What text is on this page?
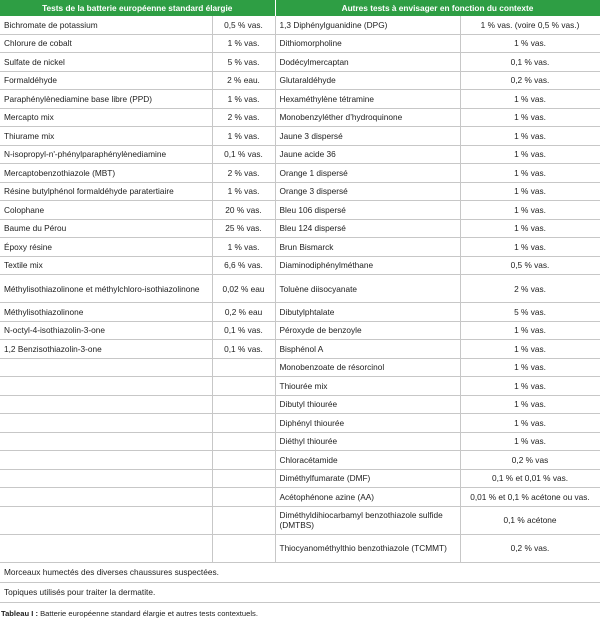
Tests de la batterie européenne standard élargie		Autres tests à envisager en fonction du contexte	
Bichromate de potassium	0,5 % vas.	1,3 Diphénylguanidine (DPG)	1 % vas. (voire 0,5 % vas.)
Chlorure de cobalt	1 % vas.	Dithiomorpholine	1 % vas.
Sulfate de nickel	5 % vas.	Dodécylmercaptan	0,1 % vas.
Formaldéhyde	2 % eau.	Glutaraldéhyde	0,2 % vas.
Paraphénylènediamine base libre (PPD)	1 % vas.	Hexaméthylène tétramine	1 % vas.
Mercapto mix	2 % vas.	Monobenzyléther d’hydroquinone	1 % vas.
Thiurame mix	1 % vas.	Jaune 3 dispersé	1 % vas.
N-isopropyl-n'-phénylparaphénylènediamine	0,1 % vas.	Jaune acide 36	1 % vas.
Mercaptobenzothiazole (MBT)	2 % vas.	Orange 1 dispersé	1 % vas.
Résine butylphénol formaldéhyde paratertiaire	1 % vas.	Orange 3 dispersé	1 % vas.
Colophane	20 % vas.	Bleu 106 dispersé	1 % vas.
Baume du Pérou	25 % vas.	Bleu 124 dispersé	1 % vas.
Époxy résine	1 % vas.	Brun Bismarck	1 % vas.
Textile mix	6,6 % vas.	Diaminodiphénylméthane	0,5 % vas.
Méthylisothiazolinone et méthylchloro-isothiazolinone	0,02 % eau	Toluène diisocyanate	2 % vas.
Méthylisothiazolinone	0,2 % eau	Dibutylphtalate	5 % vas.
N-octyl-4-isothiazolin-3-one	0,1 % vas.	Péroxyde de benzoyle	1 % vas.
1,2 Benzisothiazolin-3-one	0,1 % vas.	Bisphénol A	1 % vas.
		Monobenzoate de résorcinol	1 % vas.
		Thiourée mix	1 % vas.
		Dibutyl thiourée	1 % vas.
		Diphényl thiourée	1 % vas.
		Diéthyl thiourée	1 % vas.
		Chloracétamide	0,2 % vas
		Diméthylfumarate (DMF)	0,1 % et 0,01 % vas.
		Acétophénone azine (AA)	0,01 % et 0,1 % acétone ou vas.
		Diméthyldihiocarbamyl benzothiazole sulfide (DMTBS)	0,1 % acétone
		Thiocyanométhylthio benzothiazole (TCMMT)	0,2 % vas.
Morceaux humectés des diverses chaussures suspectées.			
Topiques utilisés pour traiter la dermatite.			
Tableau I : Batterie européenne standard élargie et autres tests contextuels.
